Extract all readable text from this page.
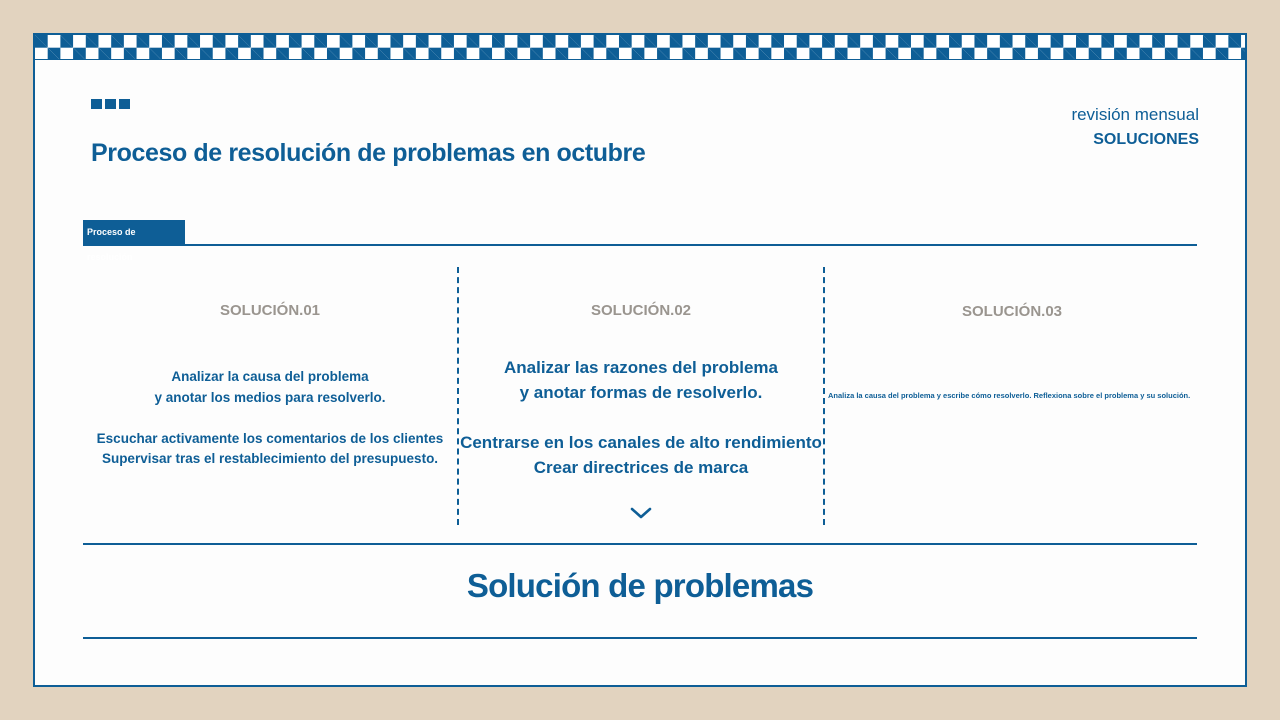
Proceso de resolución de problemas en octubre
revisión mensual
SOLUCIONES
Proceso de resolución
SOLUCIÓN.01
Analizar la causa del problema
y anotar los medios para resolverlo.
Escuchar activamente los comentarios de los clientes
Supervisar tras el restablecimiento del presupuesto.
SOLUCIÓN.02
Analizar las razones del problema
y anotar formas de resolverlo.
Centrarse en los canales de alto rendimiento
Crear directrices de marca
SOLUCIÓN.03
Analiza la causa del problema y escribe cómo resolverlo. Reflexiona sobre el problema y su solución.
Solución de problemas
